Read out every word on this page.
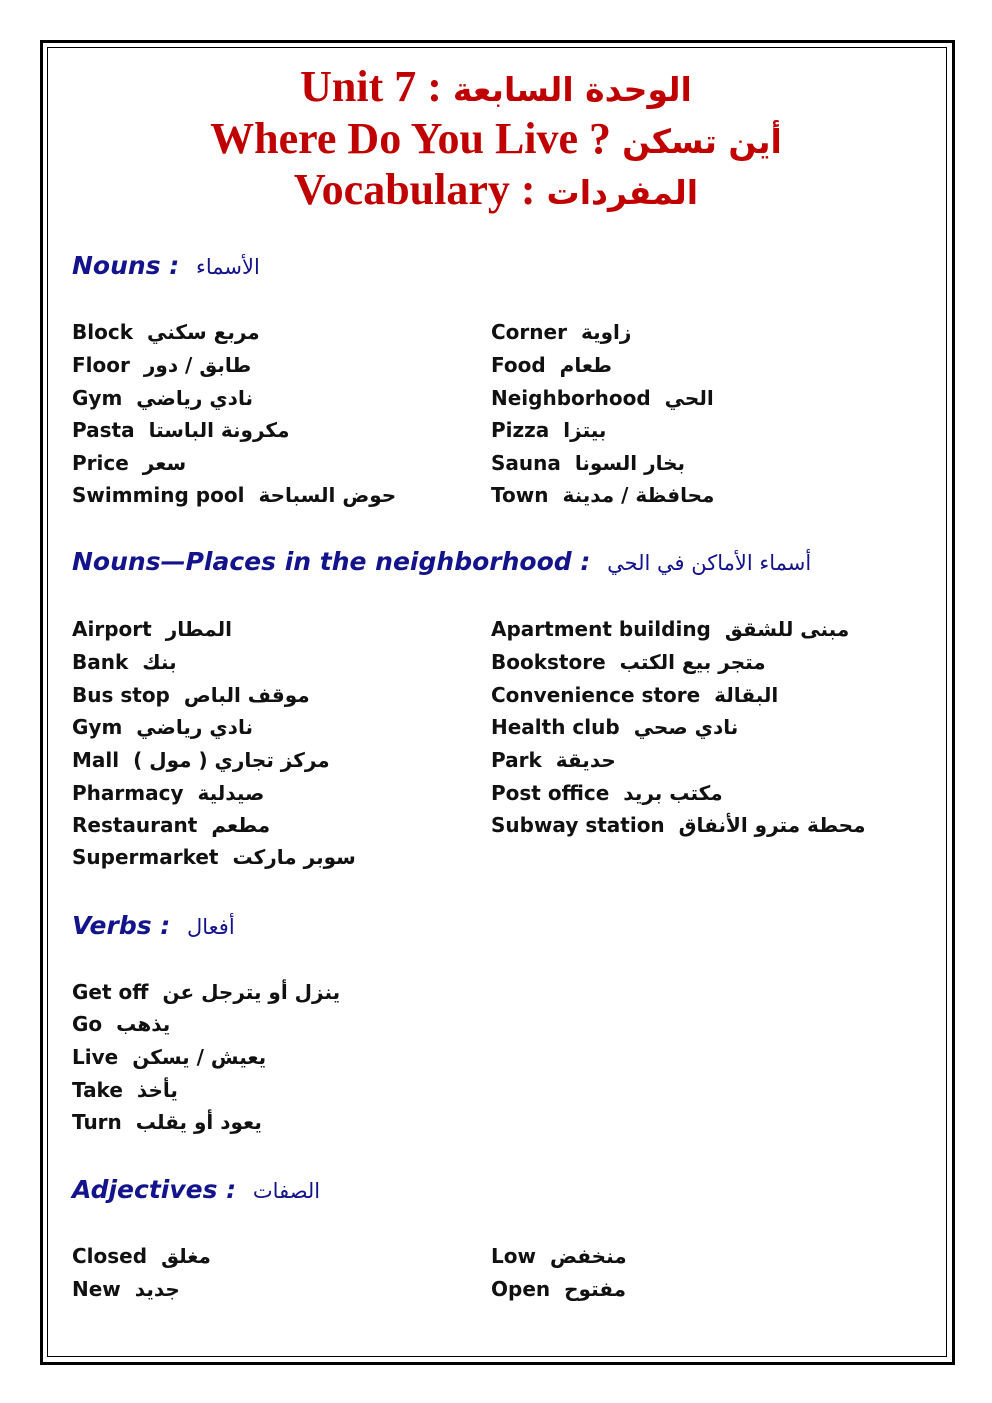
Unit 7 : الوحدة السابعة
Where Do You Live ? أين تسكن
Vocabulary : المفردات
Nouns : الأسماء
Block مربع سكني
Floor طابق / دور
Gym نادي رياضي
Pasta مكرونة الباستا
Price سعر
Swimming pool حوض السباحة
Corner زاوية
Food طعام
Neighborhood الحي
Pizza بيتزا
Sauna بخار السونا
Town محافظة / مدينة
Nouns—Places in the neighborhood : أسماء الأماكن في الحي
Airport المطار
Bank بنك
Bus stop موقف الباص
Gym نادي رياضي
Mall مركز تجاري ( مول )
Pharmacy صيدلية
Restaurant مطعم
Supermarket سوبر ماركت
Apartment building مبنى للشقق
Bookstore متجر بيع الكتب
Convenience store البقالة
Health club نادي صحي
Park حديقة
Post office مكتب بريد
Subway station محطة مترو الأنفاق
Verbs : أفعال
Get off ينزل أو يترجل عن
Go يذهب
Live يعيش / يسكن
Take يأخذ
Turn يعود أو يقلب
Adjectives : الصفات
Closed مغلق
New جديد
Low منخفض
Open مفتوح
